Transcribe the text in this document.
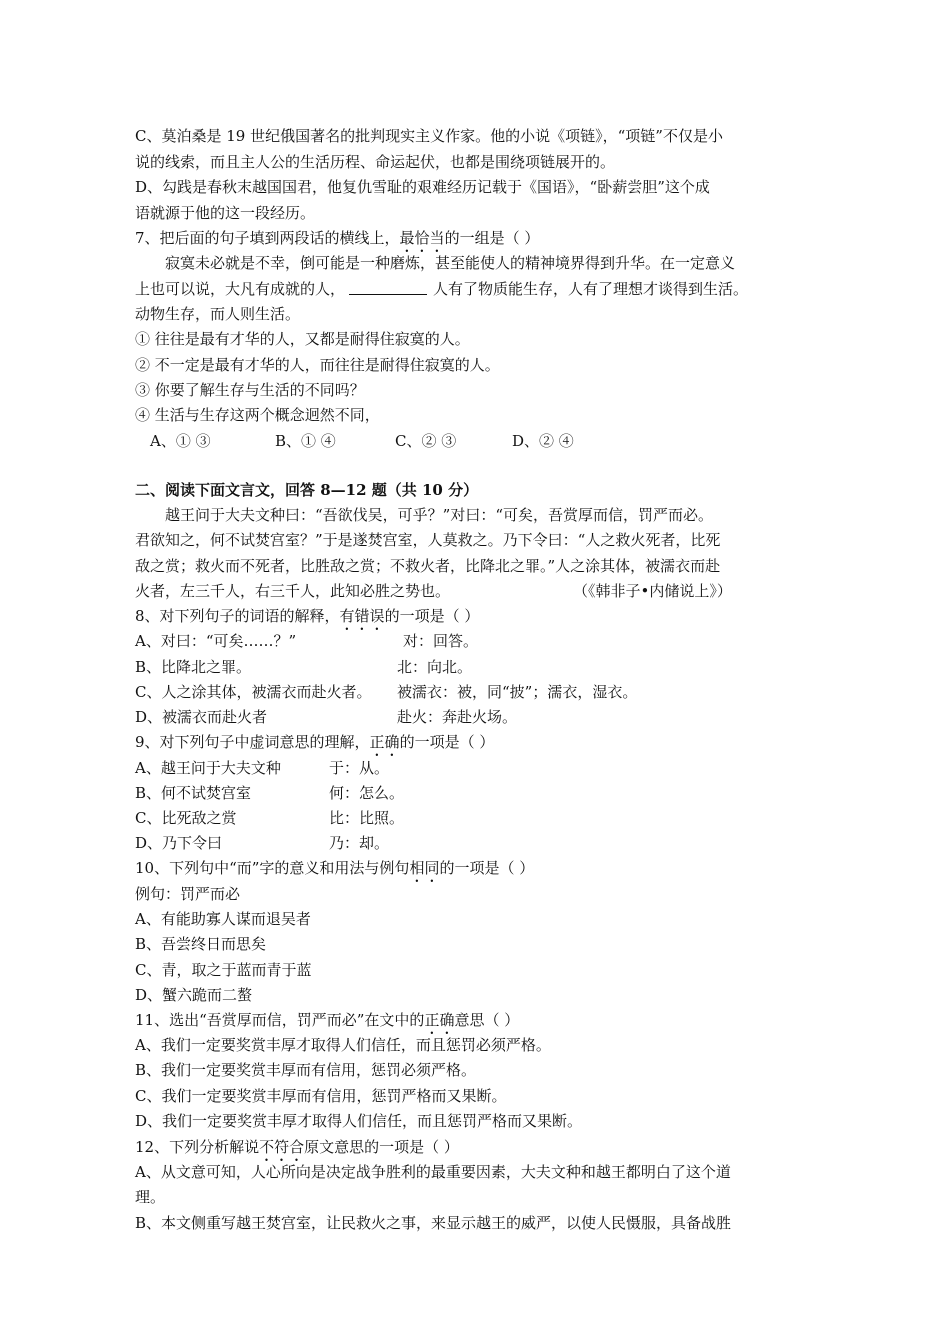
C、莫泊桑是 19 世纪俄国著名的批判现实主义作家。他的小说《项链》，“项链”不仅是小

说的线索，而且主人公的生活历程、命运起伏，也都是围绕项链展开的。

D、勾践是春秋末越国国君，他复仇雪耻的艰难经历记载于《国语》，“卧薪尝胆”这个成

语就源于他的这一段经历。

7、把后面的句子填到两段话的横线上，最恰当的一组是（ ）

寂寞未必就是不幸，倒可能是一种磨炼，甚至能使人的精神境界得到升华。在一定意义

上也可以说，大凡有成就的人，	人有了物质能生存，人有了理想才谈得到生活。

动物生存，而人则生活。

① 往往是最有才华的人，又都是耐得住寂寞的人。

② 不一定是最有才华的人，而往往是耐得住寂寞的人。

③ 你要了解生存与生活的不同吗？

④ 生活与生存这两个概念迥然不同，

A、① ③	B、① ④	C、② ③	D、② ④

二、阅读下面文言文，回答 8—12 题（共 10 分）

越王问于大夫文种曰：“吾欲伐吴，可乎？”对曰：“可矣，吾赏厚而信，罚严而必。

君欲知之，何不试焚宫室？”于是遂焚宫室，人莫救之。乃下令曰：“人之救火死者，比死

敌之赏；救火而不死者，比胜敌之赏；不救火者，比降北之罪。”人之涂其体，被濡衣而赴

火者，左三千人，右三千人，此知必胜之势也。	（《韩非子•内储说上》）

8、对下列句子的词语的解释，有错误的一项是（ ）

A、对曰：“可矣……？”	对：回答。

B、比降北之罪。	北：向北。

C、人之涂其体，被濡衣而赴火者。 被濡衣：被，同“披”；濡衣，湿衣。

D、被濡衣而赴火者	赴火：奔赴火场。

9、对下列句子中虚词意思的理解，正确的一项是（ ）

A、越王问于大夫文种	于：从。

B、何不试焚宫室	何：怎么。

C、比死敌之赏	比：比照。

D、乃下令曰	乃：却。

10、下列句中“而”字的意义和用法与例句相同的一项是（ ）

例句：罚严而必

A、有能助寡人谋而退吴者

B、吾尝终日而思矣

C、青，取之于蓝而青于蓝

D、蟹六跪而二螯

11、选出“吾赏厚而信，罚严而必”在文中的正确意思（ ）

A、我们一定要奖赏丰厚才取得人们信任，而且惩罚必须严格。

B、我们一定要奖赏丰厚而有信用，惩罚必须严格。

C、我们一定要奖赏丰厚而有信用，惩罚严格而又果断。

D、我们一定要奖赏丰厚才取得人们信任，而且惩罚严格而又果断。

12、下列分析解说不符合原文意思的一项是（ ）

A、从文意可知，人心所向是决定战争胜利的最重要因素，大夫文种和越王都明白了这个道

理。

B、本文侧重写越王焚宫室，让民救火之事，来显示越王的威严，以使人民慑服，具备战胜
